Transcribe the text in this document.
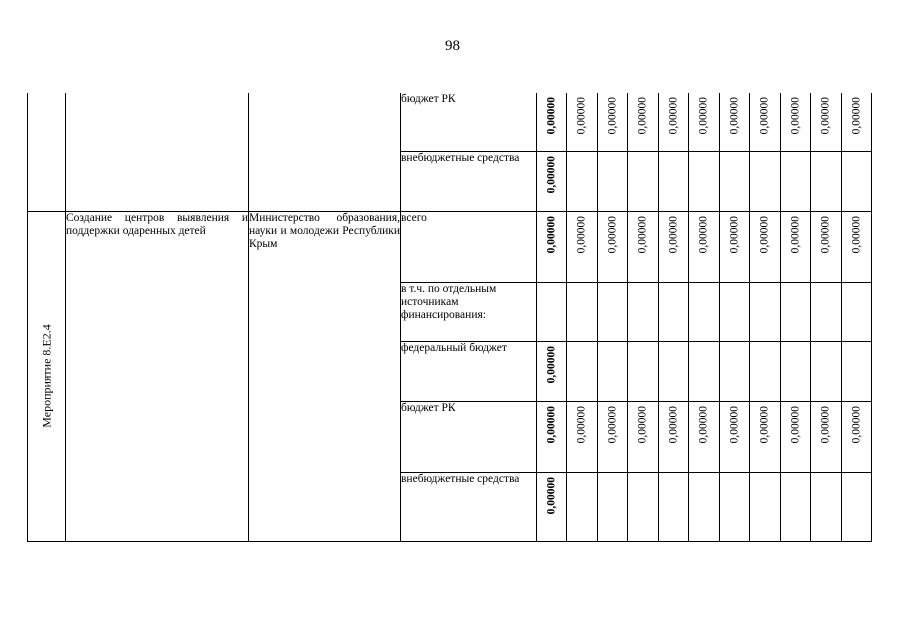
98
			бюджет РК	0,00000	0,00000	0,00000	0,00000	0,00000	0,00000	0,00000	0,00000	0,00000	0,00000	0,00000

			внебюджетные средства	0,00000										

Мероприятие 8.Е2.4	Создание центров выявления и поддержки одаренных детей	Министерство образования, науки и молодежи Республики Крым	всего	0,00000	0,00000	0,00000	0,00000	0,00000	0,00000	0,00000	0,00000	0,00000	0,00000	0,00000

			в т.ч. по отдельным источникам финансирования:											
			федеральный бюджет	0,00000										

			бюджет РК	0,00000	0,00000	0,00000	0,00000	0,00000	0,00000	0,00000	0,00000	0,00000	0,00000	0,00000

			внебюджетные средства	0,00000										
